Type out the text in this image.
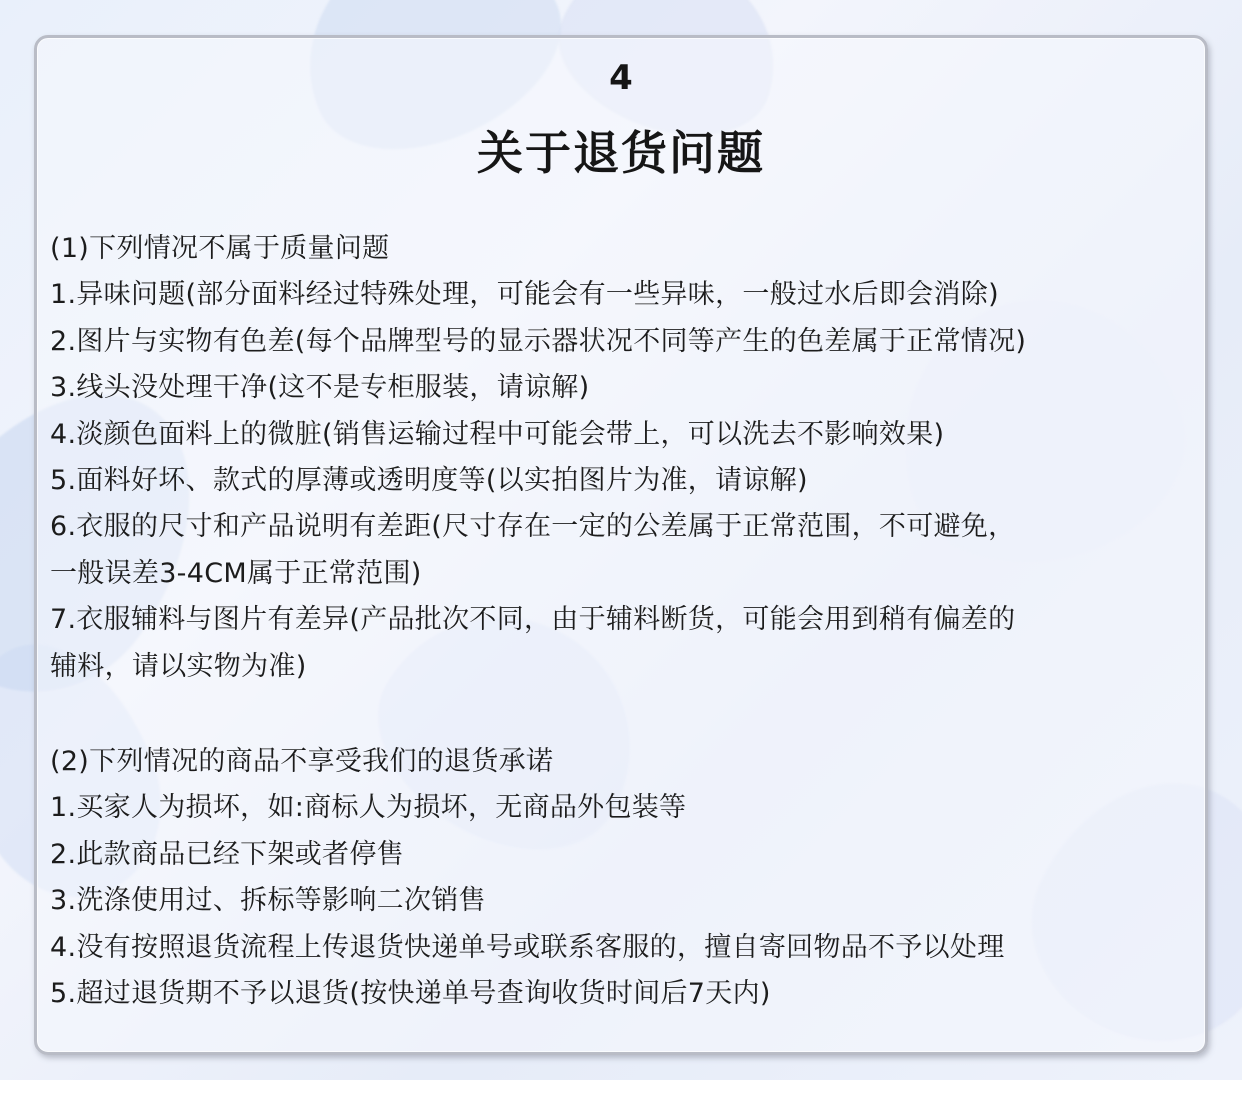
4
关于退货问题
(1)下列情况不属于质量问题
1.异味问题(部分面料经过特殊处理，可能会有一些异味，一般过水后即会消除)
2.图片与实物有色差(每个品牌型号的显示器状况不同等产生的色差属于正常情况)
3.线头没处理干净(这不是专柜服装，请谅解)
4.淡颜色面料上的微脏(销售运输过程中可能会带上，可以洗去不影响效果)
5.面料好坏、款式的厚薄或透明度等(以实拍图片为准，请谅解)
6.衣服的尺寸和产品说明有差距(尺寸存在一定的公差属于正常范围，不可避免，
一般误差3-4CM属于正常范围)
7.衣服辅料与图片有差异(产品批次不同，由于辅料断货，可能会用到稍有偏差的
辅料，请以实物为准)
(2)下列情况的商品不享受我们的退货承诺
1.买家人为损坏，如:商标人为损坏，无商品外包装等
2.此款商品已经下架或者停售
3.洗涤使用过、拆标等影响二次销售
4.没有按照退货流程上传退货快递单号或联系客服的，擅自寄回物品不予以处理
5.超过退货期不予以退货(按快递单号查询收货时间后7天内)
